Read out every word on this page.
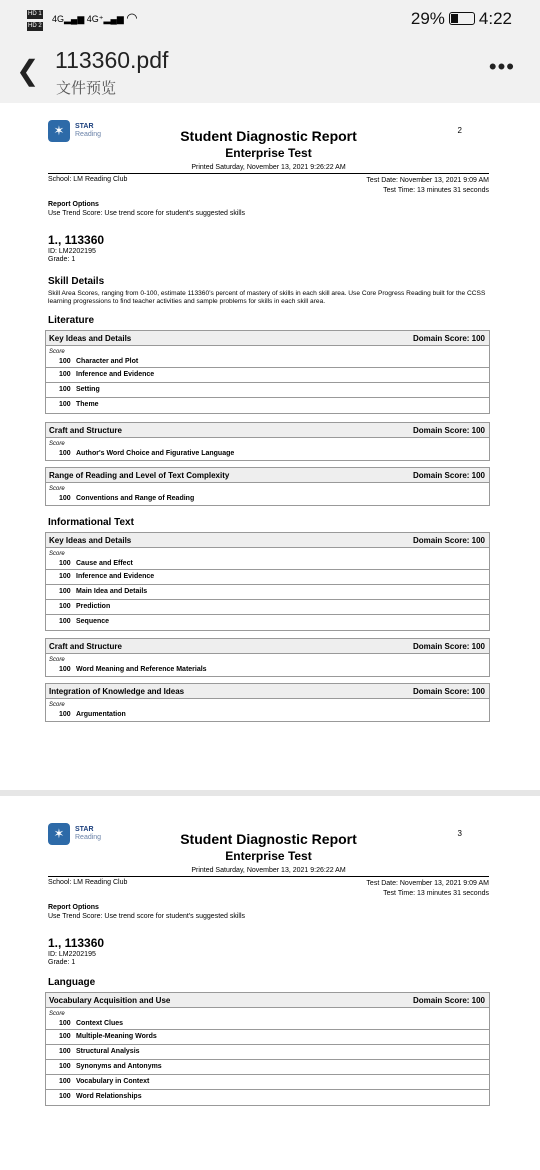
HD 1
HD 2
4G▂▄▆ 4G⁺▂▄▆ ◠	29% 4:22
❮ 113360.pdf
文件预览
•••
✶	STAR
Reading	2
Student Diagnostic Report
Enterprise Test
Printed Saturday, November 13, 2021 9:26:22 AM
School: LM Reading Club	Test Date: November 13, 2021 9:09 AM
Test Time: 13 minutes 31 seconds
Report Options
Use Trend Score: Use trend score for student's suggested skills
1., 113360
ID: LM2202195
Grade: 1
Skill Details
Skill Area Scores, ranging from 0-100, estimate 113360’s percent of mastery of skills in each skill area. Use Core Progress Reading built for the CCSS learning progressions to find teacher activities and sample problems for skills in each skill area.
Literature
Key Ideas and Details	Domain Score: 100
Score
100 Character and Plot
100 Inference and Evidence
100 Setting
100 Theme
Craft and Structure	Domain Score: 100
Score
100 Author's Word Choice and Figurative Language
Range of Reading and Level of Text Complexity	Domain Score: 100
Score
100 Conventions and Range of Reading
Informational Text
Key Ideas and Details	Domain Score: 100
Score
100 Cause and Effect
100 Inference and Evidence
100 Main Idea and Details
100 Prediction
100 Sequence
Craft and Structure	Domain Score: 100
Score
100 Word Meaning and Reference Materials
Integration of Knowledge and Ideas	Domain Score: 100
Score
100 Argumentation
✶	STAR
Reading	3
Student Diagnostic Report
Enterprise Test
Printed Saturday, November 13, 2021 9:26:22 AM
School: LM Reading Club	Test Date: November 13, 2021 9:09 AM
Test Time: 13 minutes 31 seconds
Report Options
Use Trend Score: Use trend score for student's suggested skills
1., 113360
ID: LM2202195
Grade: 1
Language
Vocabulary Acquisition and Use	Domain Score: 100
Score
100 Context Clues
100 Multiple-Meaning Words
100 Structural Analysis
100 Synonyms and Antonyms
100 Vocabulary in Context
100 Word Relationships
